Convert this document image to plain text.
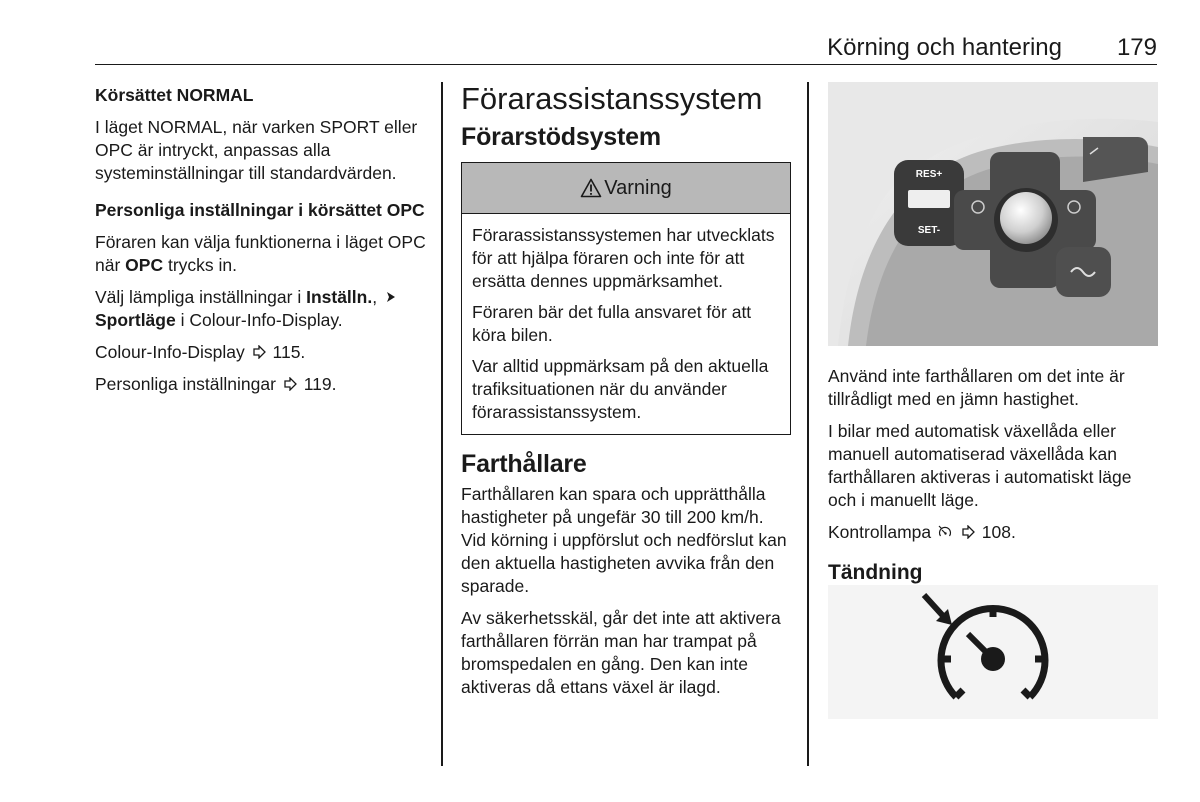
Körning och hantering 179

Körsättet NORMAL

I läget NORMAL, när varken SPORT eller OPC är intryckt, anpassas alla systeminställningar till standardvärden.

Personliga inställningar i körsättet OPC

Föraren kan välja funktionerna i läget OPC när OPC trycks in.

Välj lämpliga inställningar i Inställn.,  Sportläge i Colour-Info-Display.

Colour-Info-Display 115.

Personliga inställningar 119.

Förarassistanssystem
Förarstödsystem
Varning

Förarassistanssystemen har utvecklats för att hjälpa föraren och inte för att ersätta dennes uppmärksamhet.

Föraren bär det fulla ansvaret för att köra bilen.

Var alltid uppmärksam på den aktuella trafiksituationen när du använder förarassistanssystem.

Farthållare

Farthållaren kan spara och upprätthålla hastigheter på ungefär 30 till 200 km/h. Vid körning i uppförslut och nedförslut kan den aktuella hastigheten avvika från den sparade.

Av säkerhetsskäl, går det inte att aktivera farthållaren förrän man har trampat på bromspedalen en gång. Den kan inte aktiveras då ettans växel är ilagd.

RES+
SET-

Använd inte farthållaren om det inte är tillrådligt med en jämn hastighet.

I bilar med automatisk växellåda eller manuell automatiserad växellåda kan farthållaren aktiveras i automatiskt läge och i manuellt läge.

Kontrollampa	108.

Tändning
